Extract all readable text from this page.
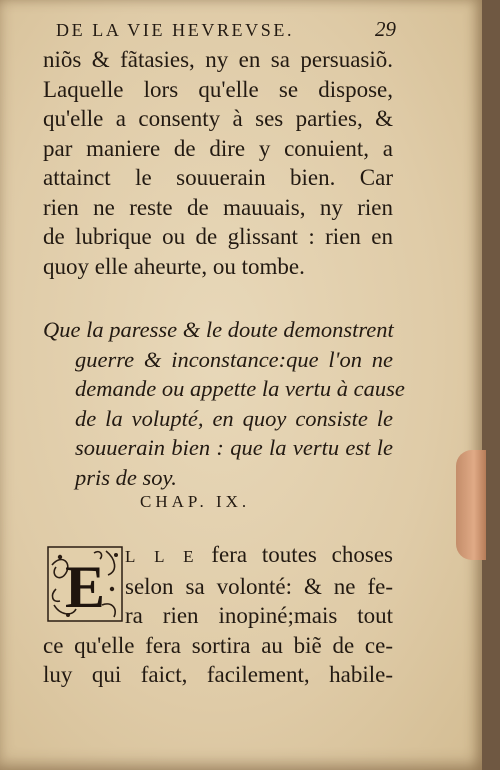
DE LA VIE HEVREVSE.	29
niõs & fãtasies, ny en sa persuasiõ.
Laquelle lors qu'elle se dispose,
qu'elle a consenty à ses parties, &
par maniere de dire y conuient, a
attainct le souuerain bien. Car
rien ne reste de mauuais, ny rien
de lubrique ou de glissant : rien en
quoy elle aheurte, ou tombe.
Que la paresse & le doute demonstrent
guerre & inconstance:que l'on ne
demande ou appette la vertu à cause
de la volupté, en quoy consiste le
souuerain bien : que la vertu est le
pris de soy.
CHAP. IX.
E	L L E fera toutes choses
selon sa volonté: & ne fe-
ra rien inopiné;mais tout
ce qu'elle fera sortira au biẽ de ce-
luy qui faict, facilement, habile-
